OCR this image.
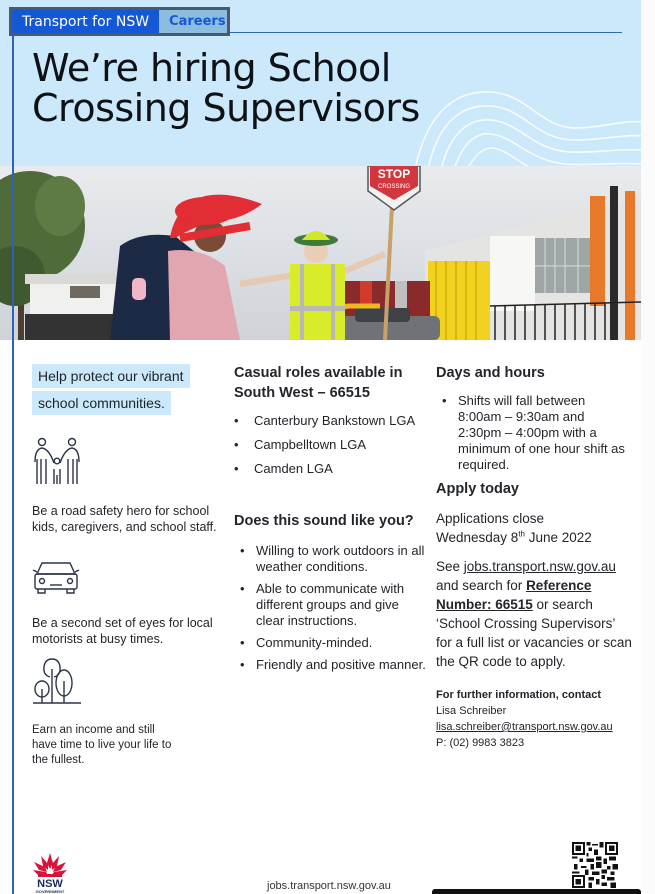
We’re hiring School
Crossing Supervisors
Transport for NSW	Careers
STOP
CROSSING
Help protect our vibrant school communities.
Be a road safety hero for school kids, caregivers, and school staff.
Be a second set of eyes for local motorists at busy times.
Earn an income and still have time to live your life to the fullest.
Casual roles available in South West – 66515
• Canterbury Bankstown LGA
• Campbelltown LGA
• Camden LGA
Does this sound like you?
• Willing to work outdoors in all weather conditions.
• Able to communicate with different groups and give clear instructions.
• Community-minded.
• Friendly and positive manner.
Days and hours
• Shifts will fall between 8:00am – 9:30am and 2:30pm – 4:00pm with a minimum of one hour shift as required.
Apply today
Applications close
Wednesday 8th June 2022
See jobs.transport.nsw.gov.au and search for Reference Number: 66515 or search ‘School Crossing Supervisors’ for a full list or vacancies or scan the QR code to apply.
For further information, contact
Lisa Schreiber
lisa.schreiber@transport.nsw.gov.au
P: (02) 9983 3823
NSW
GOVERNMENT	jobs.transport.nsw.gov.au
